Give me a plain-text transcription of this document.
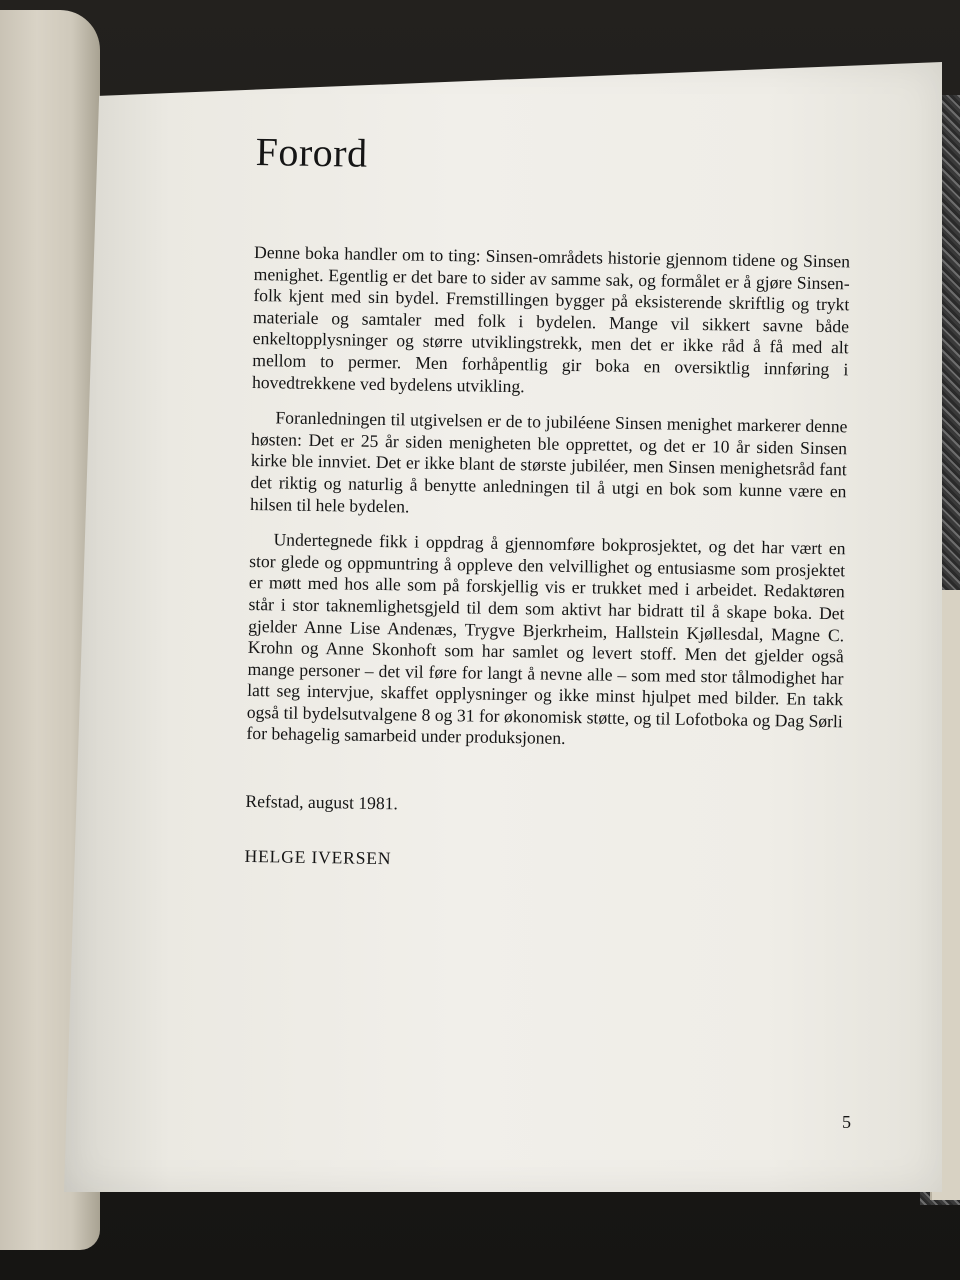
Forord

Denne boka handler om to ting: Sinsen-områdets historie gjennom tidene og Sinsen menighet. Egentlig er det bare to sider av samme sak, og formålet er å gjøre Sinsen-folk kjent med sin bydel. Fremstillingen bygger på eksisterende skriftlig og trykt materiale og samtaler med folk i bydelen. Mange vil sikkert savne både enkeltopplysninger og større utviklingstrekk, men det er ikke råd å få med alt mellom to permer. Men forhåpentlig gir boka en oversiktlig innføring i hovedtrekkene ved bydelens utvikling.

Foranledningen til utgivelsen er de to jubiléene Sinsen menighet markerer denne høsten: Det er 25 år siden menigheten ble opprettet, og det er 10 år siden Sinsen kirke ble innviet. Det er ikke blant de største jubiléer, men Sinsen menighetsråd fant det riktig og naturlig å benytte anledningen til å utgi en bok som kunne være en hilsen til hele bydelen.

Undertegnede fikk i oppdrag å gjennomføre bokprosjektet, og det har vært en stor glede og oppmuntring å oppleve den velvillighet og entusiasme som prosjektet er møtt med hos alle som på forskjellig vis er trukket med i arbeidet. Redaktøren står i stor taknemlighetsgjeld til dem som aktivt har bidratt til å skape boka. Det gjelder Anne Lise Andenæs, Trygve Bjerkrheim, Hallstein Kjøllesdal, Magne C. Krohn og Anne Skonhoft som har samlet og levert stoff. Men det gjelder også mange personer – det vil føre for langt å nevne alle – som med stor tålmodighet har latt seg intervjue, skaffet opplysninger og ikke minst hjulpet med bilder. En takk også til bydelsutvalgene 8 og 31 for økonomisk støtte, og til Lofotboka og Dag Sørli for behagelig samarbeid under produksjonen.

Refstad, august 1981.

HELGE IVERSEN

5
